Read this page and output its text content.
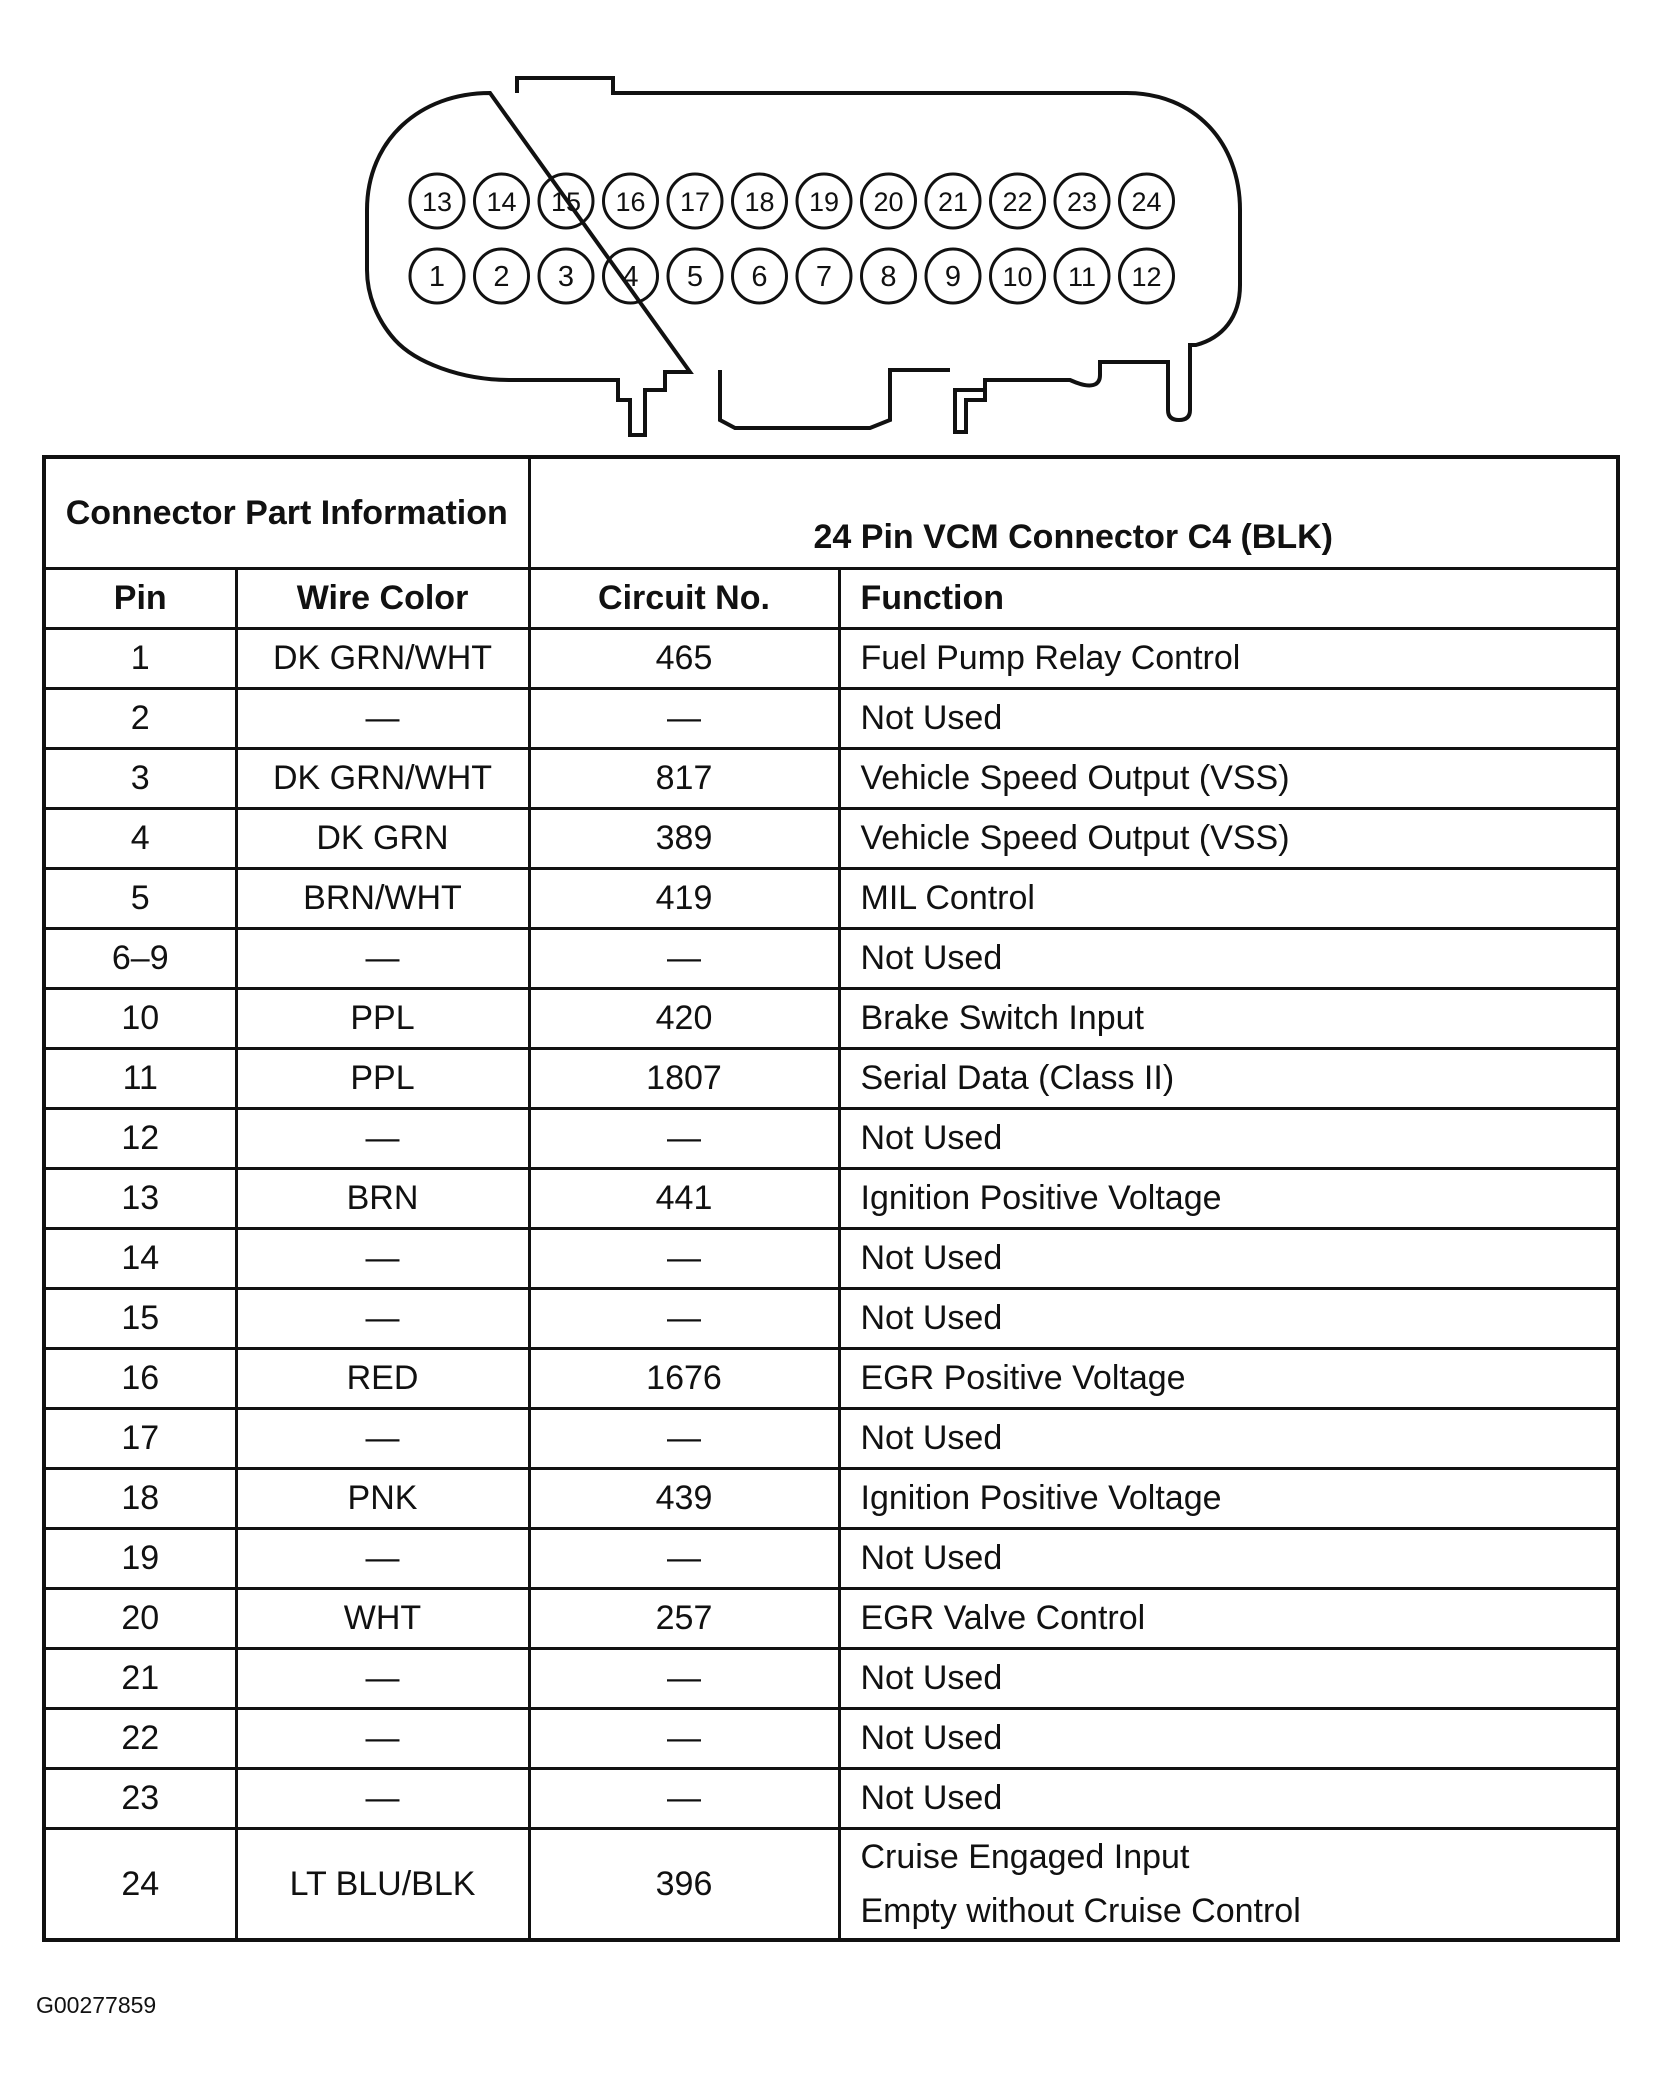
13 14 15 16 17 18 19 20 21 22 23 24
1 2 3 4 5 6 7 8 9 10 11 12
Connector Part Information		24 Pin VCM Connector C4 (BLK)	
Pin	Wire Color	Circuit No.	Function
1	DK GRN/WHT	465	Fuel Pump Relay Control
2	—	—	Not Used
3	DK GRN/WHT	817	Vehicle Speed Output (VSS)
4	DK GRN	389	Vehicle Speed Output (VSS)
5	BRN/WHT	419	MIL Control
6–9	—	—	Not Used
10	PPL	420	Brake Switch Input
11	PPL	1807	Serial Data (Class II)
12	—	—	Not Used
13	BRN	441	Ignition Positive Voltage
14	—	—	Not Used
15	—	—	Not Used
16	RED	1676	EGR Positive Voltage
17	—	—	Not Used
18	PNK	439	Ignition Positive Voltage
19	—	—	Not Used
20	WHT	257	EGR Valve Control
21	—	—	Not Used
22	—	—	Not Used
23	—	—	Not Used
24	LT BLU/BLK	396	Cruise Engaged Input
Empty without Cruise Control
G00277859
